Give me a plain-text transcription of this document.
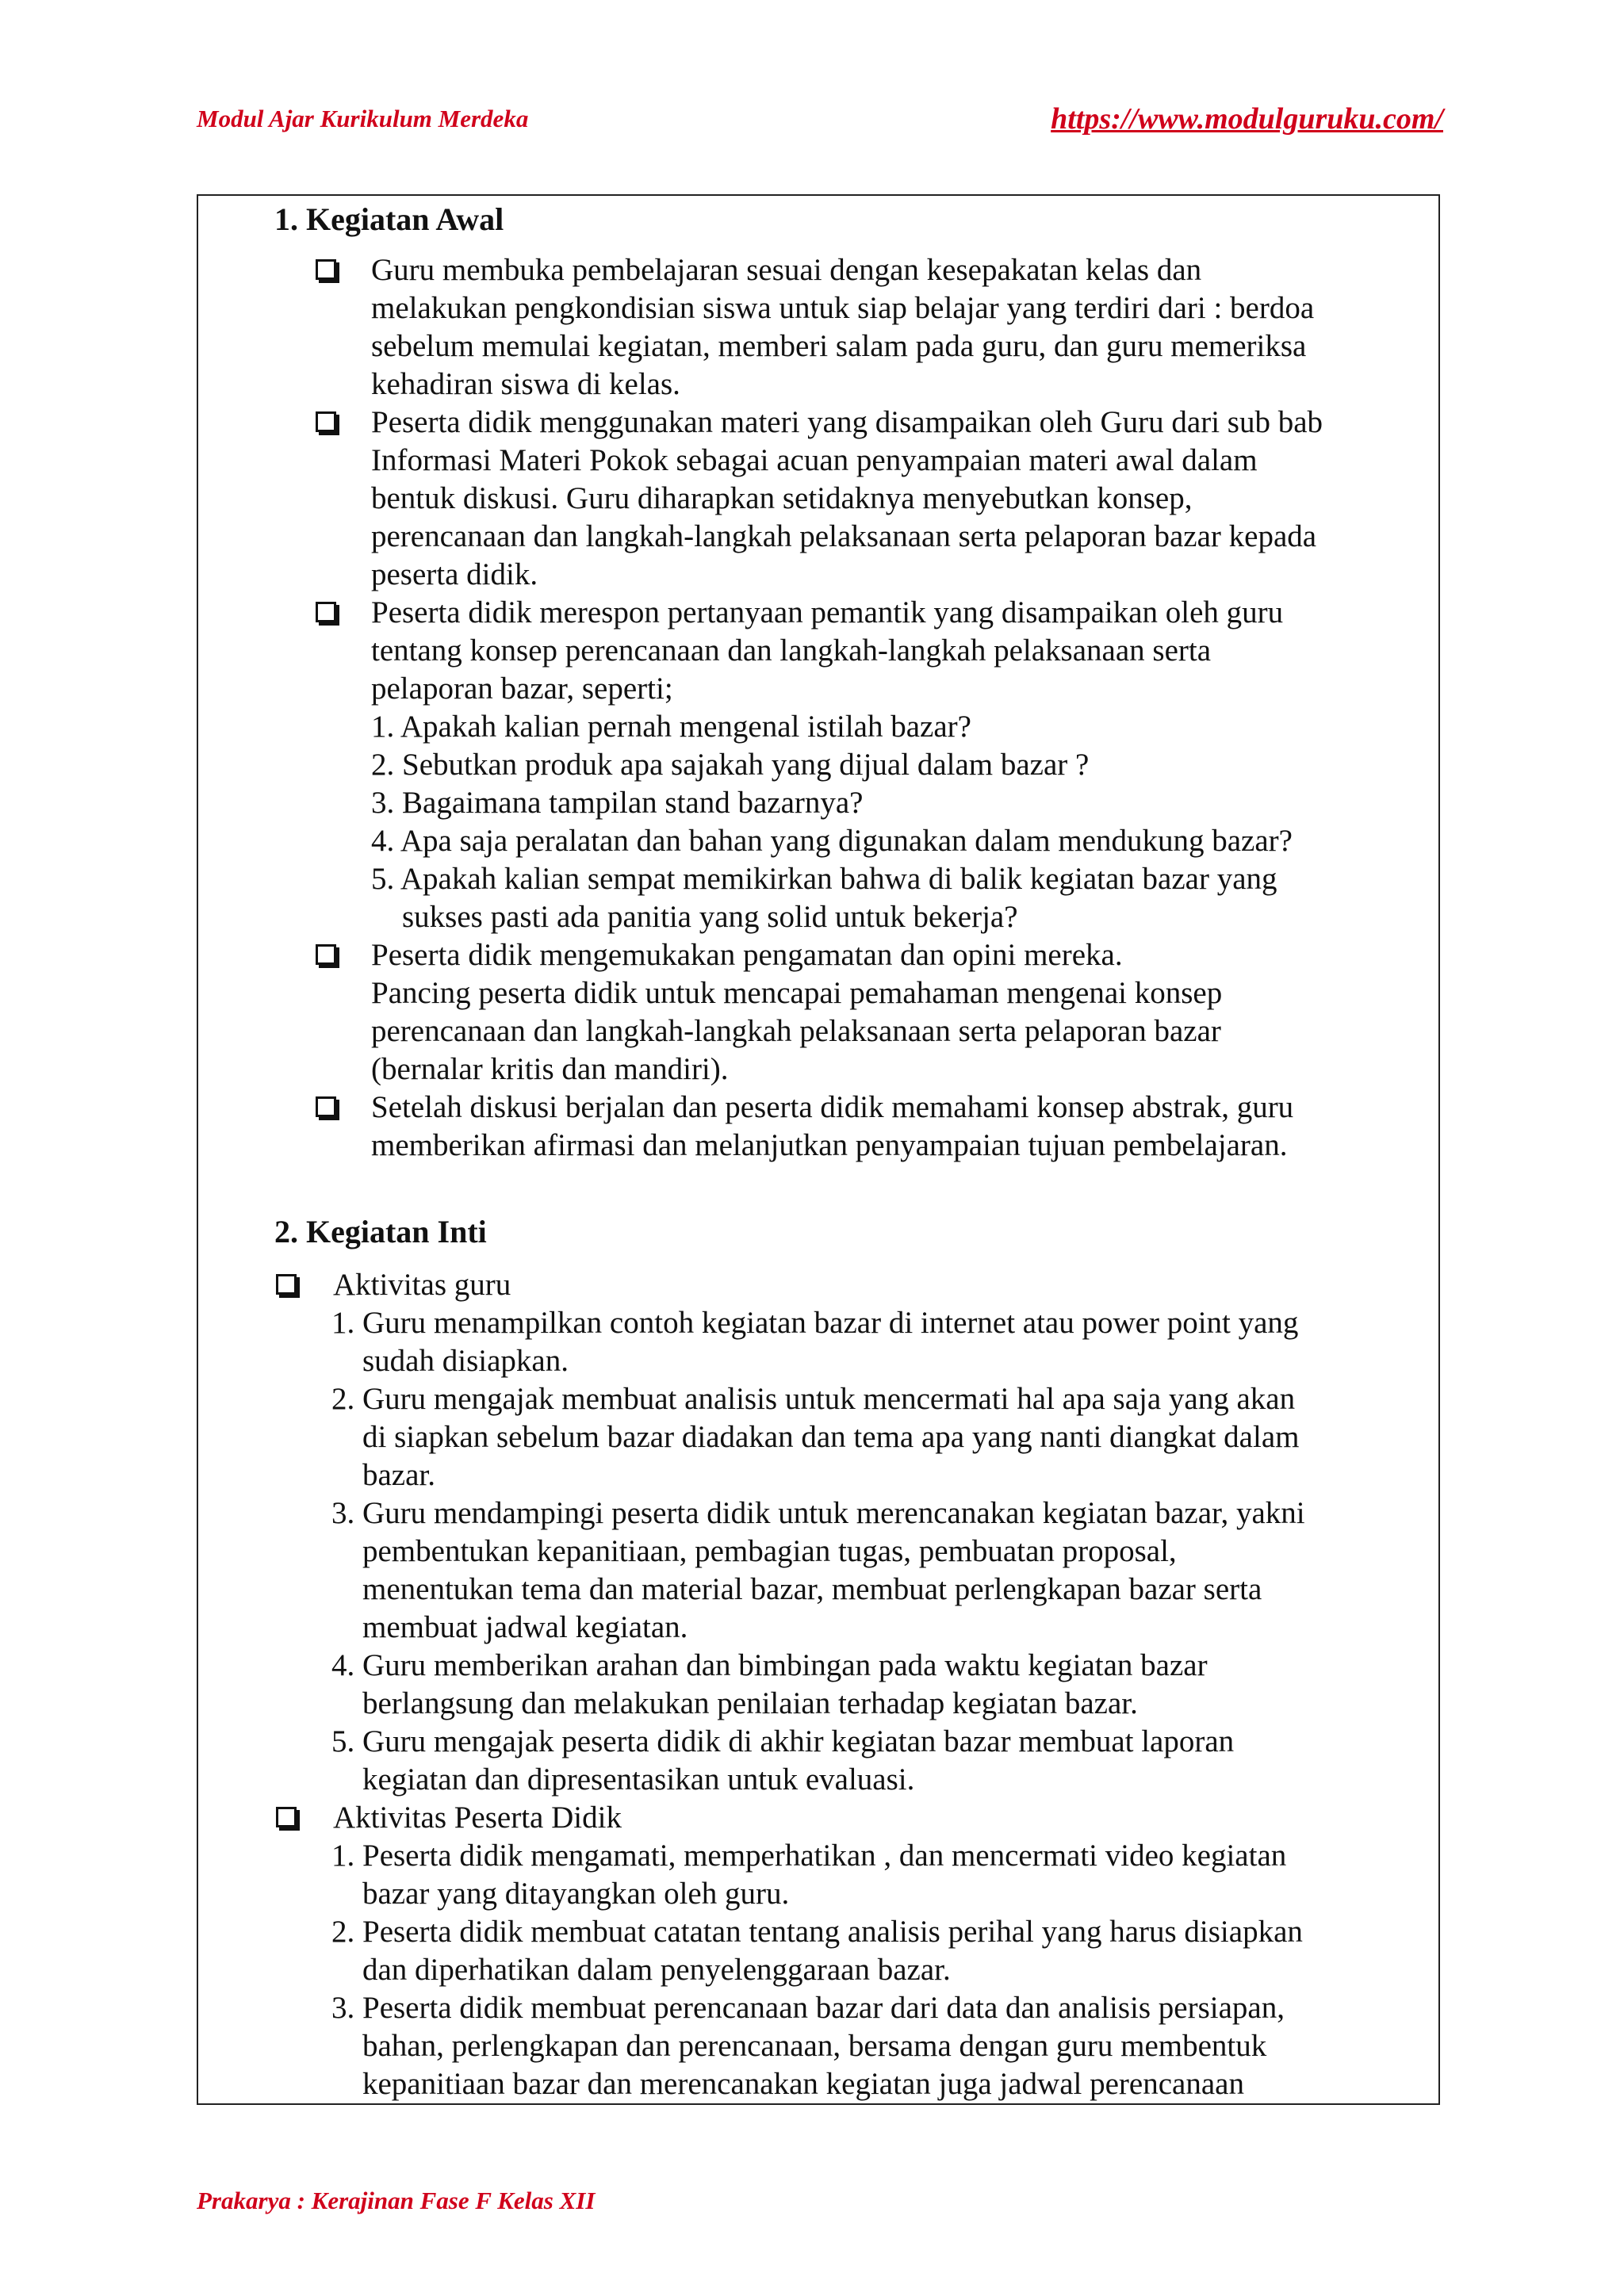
Modul Ajar Kurikulum Merdeka	https://www.modulguruku.com/
1. Kegiatan Awal
2. Kegiatan Inti
Guru membuka pembelajaran sesuai dengan kesepakatan kelas dan
melakukan pengkondisian siswa untuk siap belajar yang terdiri dari : berdoa
sebelum memulai kegiatan, memberi salam pada guru, dan guru memeriksa
kehadiran siswa di kelas.
Peserta didik menggunakan materi yang disampaikan oleh Guru dari sub bab
Informasi Materi Pokok sebagai acuan penyampaian materi awal dalam
bentuk diskusi. Guru diharapkan setidaknya menyebutkan konsep,
perencanaan dan langkah-langkah pelaksanaan serta pelaporan bazar kepada
peserta didik.
Peserta didik merespon pertanyaan pemantik yang disampaikan oleh guru
tentang konsep perencanaan dan langkah-langkah pelaksanaan serta
pelaporan bazar, seperti;
1. Apakah kalian pernah mengenal istilah bazar?
2. Sebutkan produk apa sajakah yang dijual dalam bazar ?
3. Bagaimana tampilan stand bazarnya?
4. Apa saja peralatan dan bahan yang digunakan dalam mendukung bazar?
5. Apakah kalian sempat memikirkan bahwa di balik kegiatan bazar yang
sukses pasti ada panitia yang solid untuk bekerja?
Peserta didik mengemukakan pengamatan dan opini mereka.
Pancing peserta didik untuk mencapai pemahaman mengenai konsep
perencanaan dan langkah-langkah pelaksanaan serta pelaporan bazar
(bernalar kritis dan mandiri).
Setelah diskusi berjalan dan peserta didik memahami konsep abstrak, guru
memberikan afirmasi dan melanjutkan penyampaian tujuan pembelajaran.
Aktivitas guru
1. Guru menampilkan contoh kegiatan bazar di internet atau power point yang
sudah disiapkan.
2. Guru mengajak membuat analisis untuk mencermati hal apa saja yang akan
di siapkan sebelum bazar diadakan dan tema apa yang nanti diangkat dalam
bazar.
3. Guru mendampingi peserta didik untuk merencanakan kegiatan bazar, yakni
pembentukan kepanitiaan, pembagian tugas, pembuatan proposal,
menentukan tema dan material bazar, membuat perlengkapan bazar serta
membuat jadwal kegiatan.
4. Guru memberikan arahan dan bimbingan pada waktu kegiatan bazar
berlangsung dan melakukan penilaian terhadap kegiatan bazar.
5. Guru mengajak peserta didik di akhir kegiatan bazar membuat laporan
kegiatan dan dipresentasikan untuk evaluasi.
Aktivitas Peserta Didik
1. Peserta didik mengamati, memperhatikan , dan mencermati video kegiatan
bazar yang ditayangkan oleh guru.
2. Peserta didik membuat catatan tentang analisis perihal yang harus disiapkan
dan diperhatikan dalam penyelenggaraan bazar.
3. Peserta didik membuat perencanaan bazar dari data dan analisis persiapan,
bahan, perlengkapan dan perencanaan, bersama dengan guru membentuk
kepanitiaan bazar dan merencanakan kegiatan juga jadwal perencanaan
Prakarya : Kerajinan Fase F Kelas XII
